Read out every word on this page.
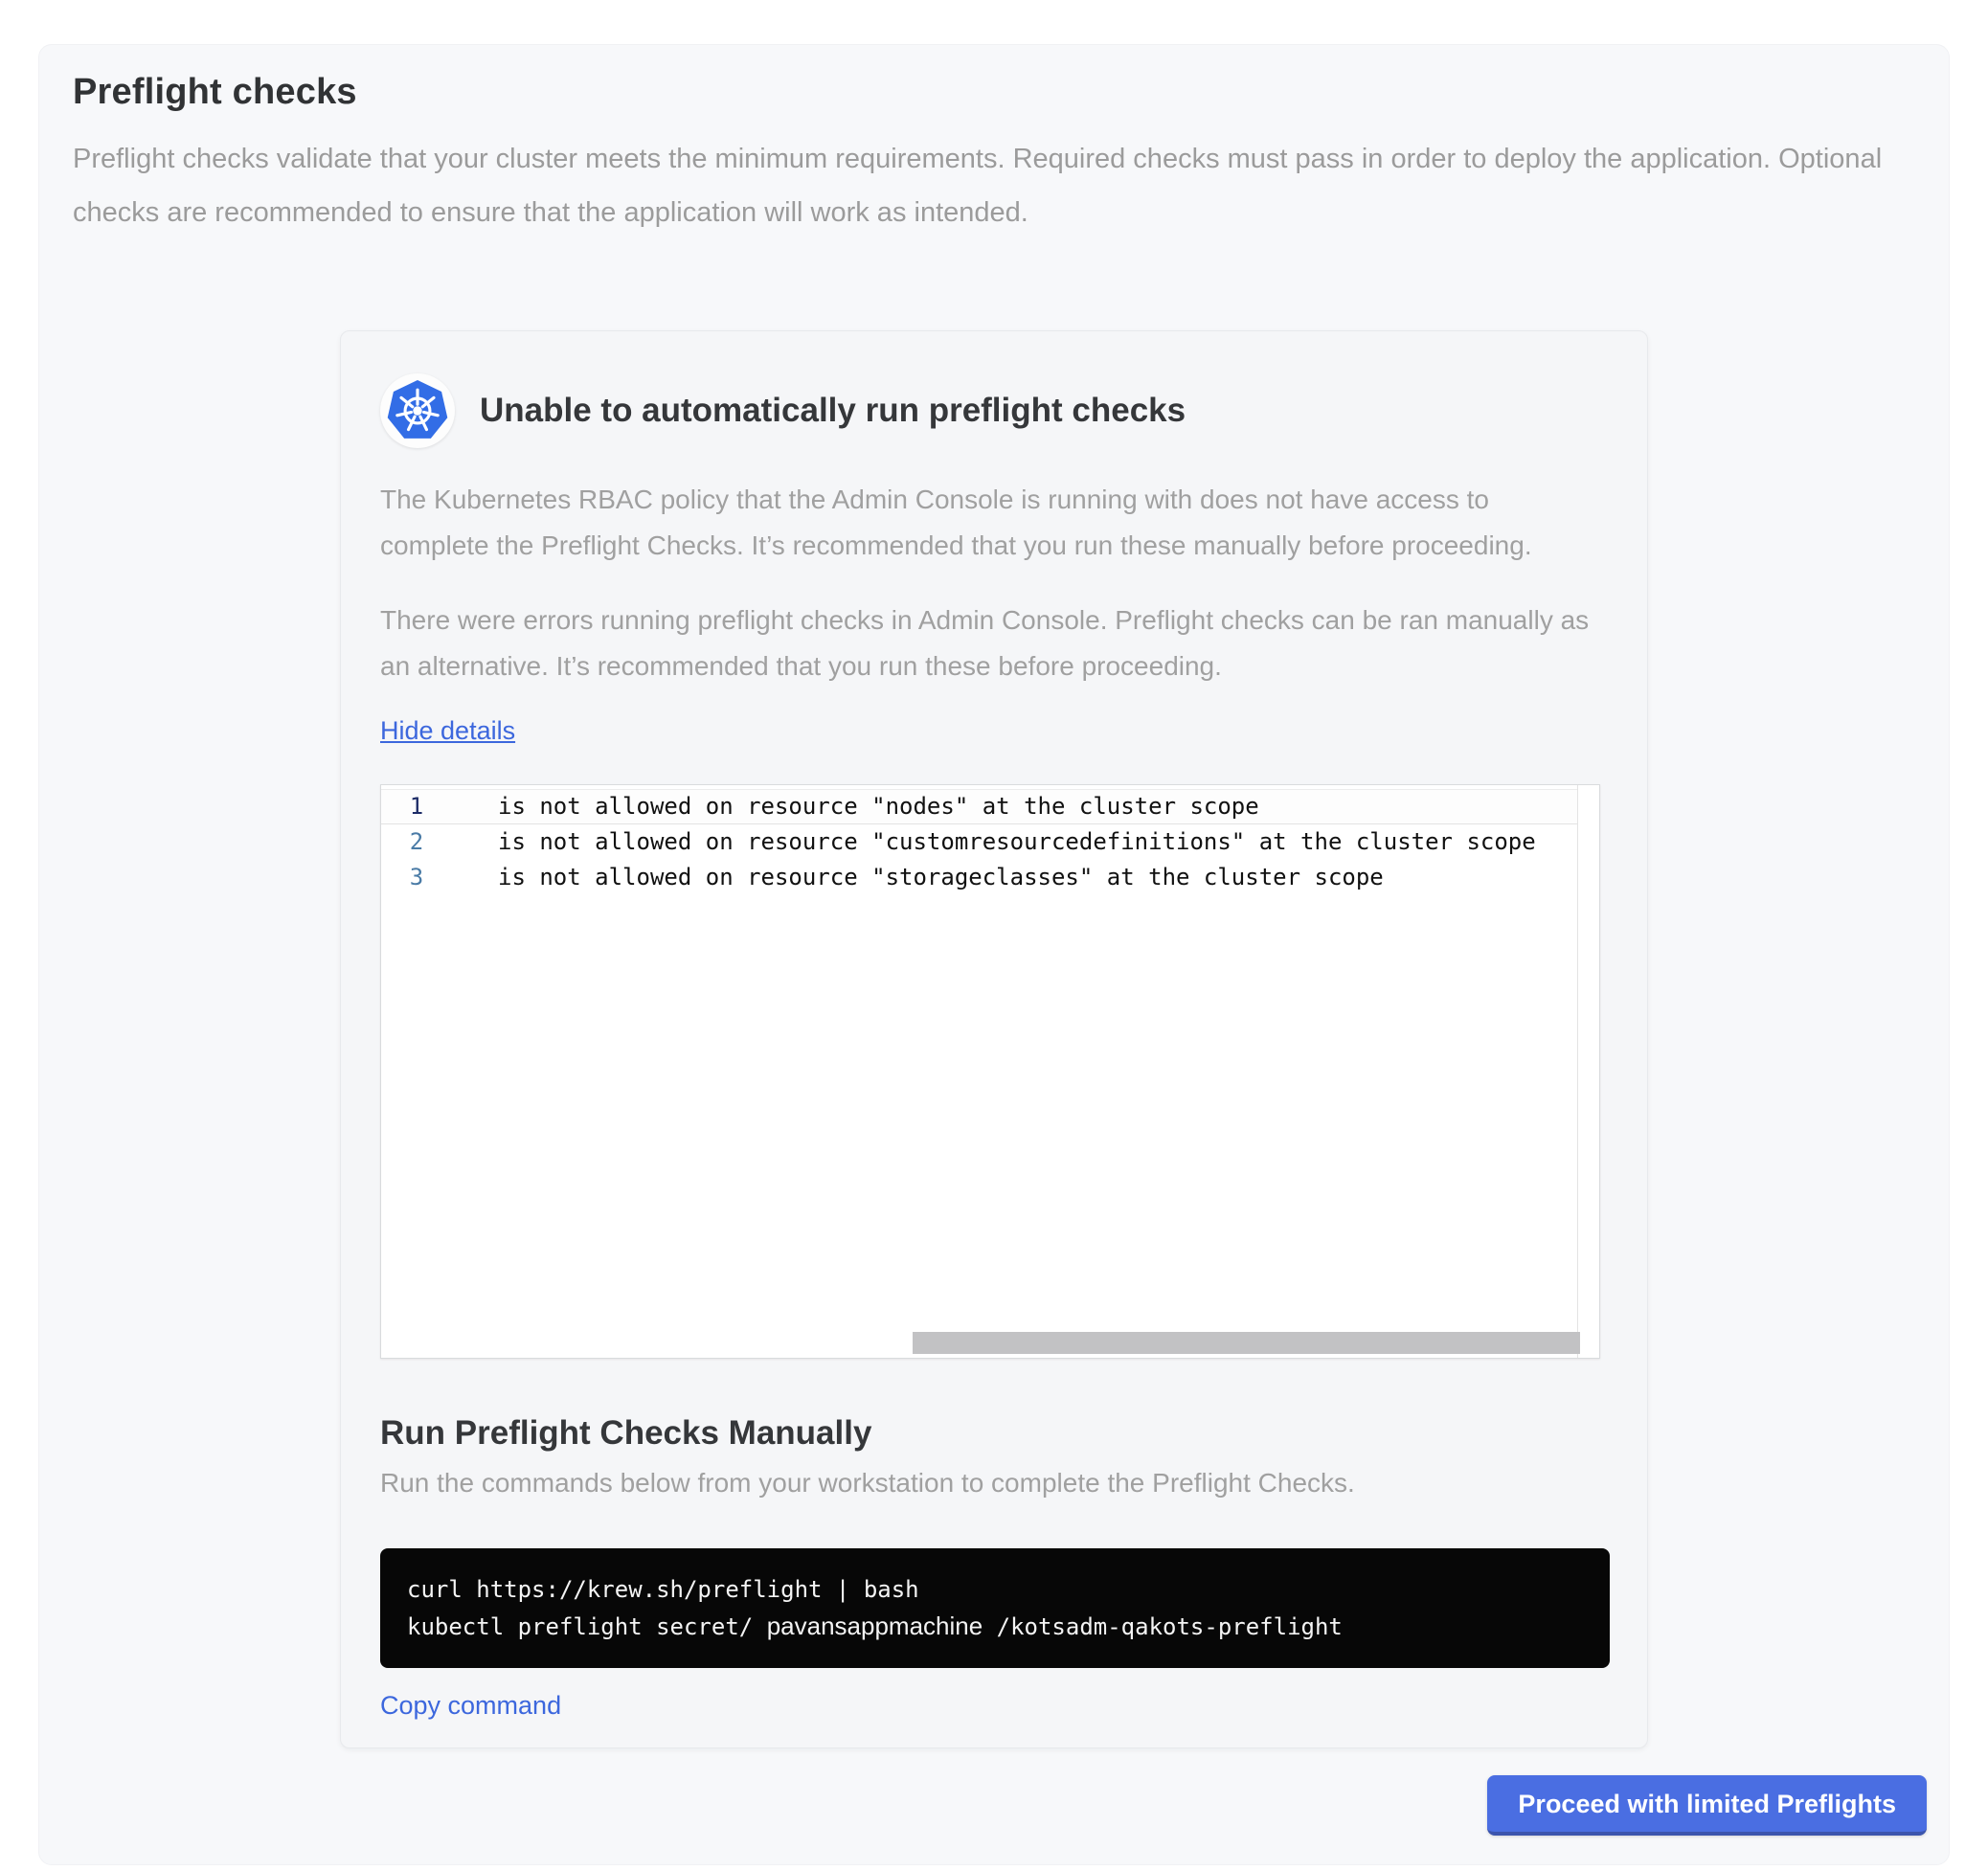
Preflight checks

Preflight checks validate that your cluster meets the minimum requirements. Required checks must pass in order to deploy the application. Optional checks are recommended to ensure that the application will work as intended.

Unable to automatically run preflight checks

The Kubernetes RBAC policy that the Admin Console is running with does not have access to complete the Preflight Checks. It’s recommended that you run these manually before proceeding.

There were errors running preflight checks in Admin Console. Preflight checks can be ran manually as an alternative. It’s recommended that you run these before proceeding.

Hide details
1	is not allowed on resource "nodes" at the cluster scope
2	is not allowed on resource "customresourcedefinitions" at the cluster scope
3	is not allowed on resource "storageclasses" at the cluster scope
Run Preflight Checks Manually

Run the commands below from your workstation to complete the Preflight Checks.

curl https://krew.sh/preflight | bash
kubectl preflight secret/ pavansappmachine /kotsadm-qakots-preflight
Copy command
Proceed with limited Preflights
